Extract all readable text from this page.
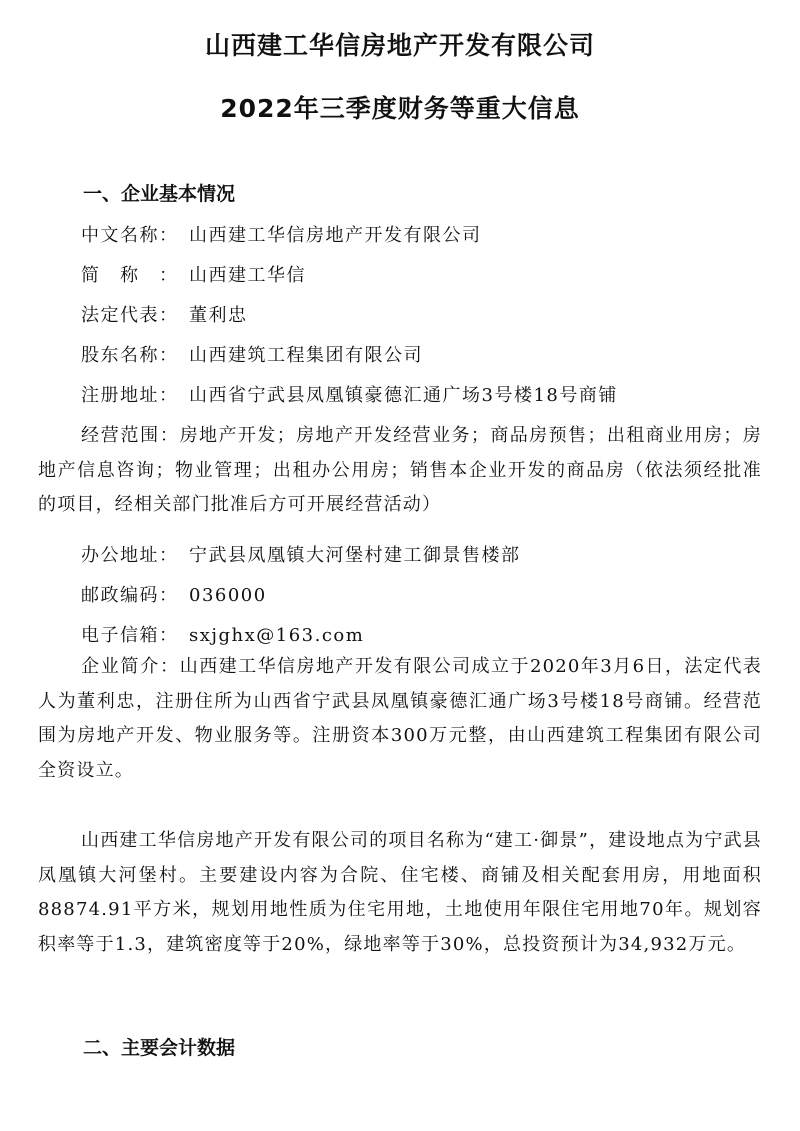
山西建工华信房地产开发有限公司
2022年三季度财务等重大信息
一、企业基本情况
中文名称： 山西建工华信房地产开发有限公司
简称：山西建工华信
法定代表： 董利忠
股东名称： 山西建筑工程集团有限公司
注册地址： 山西省宁武县凤凰镇豪德汇通广场3号楼18号商铺
经营范围：房地产开发；房地产开发经营业务；商品房预售；出租商业用房；房地产信息咨询；物业管理；出租办公用房；销售本企业开发的商品房（依法须经批准的项目，经相关部门批准后方可开展经营活动）
办公地址： 宁武县凤凰镇大河堡村建工御景售楼部
邮政编码： 036000
电子信箱： sxjghx@163.com
企业简介：山西建工华信房地产开发有限公司成立于2020年3月6日，法定代表人为董利忠，注册住所为山西省宁武县凤凰镇豪德汇通广场3号楼18号商铺。经营范围为房地产开发、物业服务等。注册资本300万元整，由山西建筑工程集团有限公司全资设立。
山西建工华信房地产开发有限公司的项目名称为“建工·御景”，建设地点为宁武县凤凰镇大河堡村。主要建设内容为合院、住宅楼、商铺及相关配套用房，用地面积88874.91平方米，规划用地性质为住宅用地，土地使用年限住宅用地70年。规划容积率等于1.3，建筑密度等于20%，绿地率等于30%，总投资预计为34,932万元。
二、主要会计数据
